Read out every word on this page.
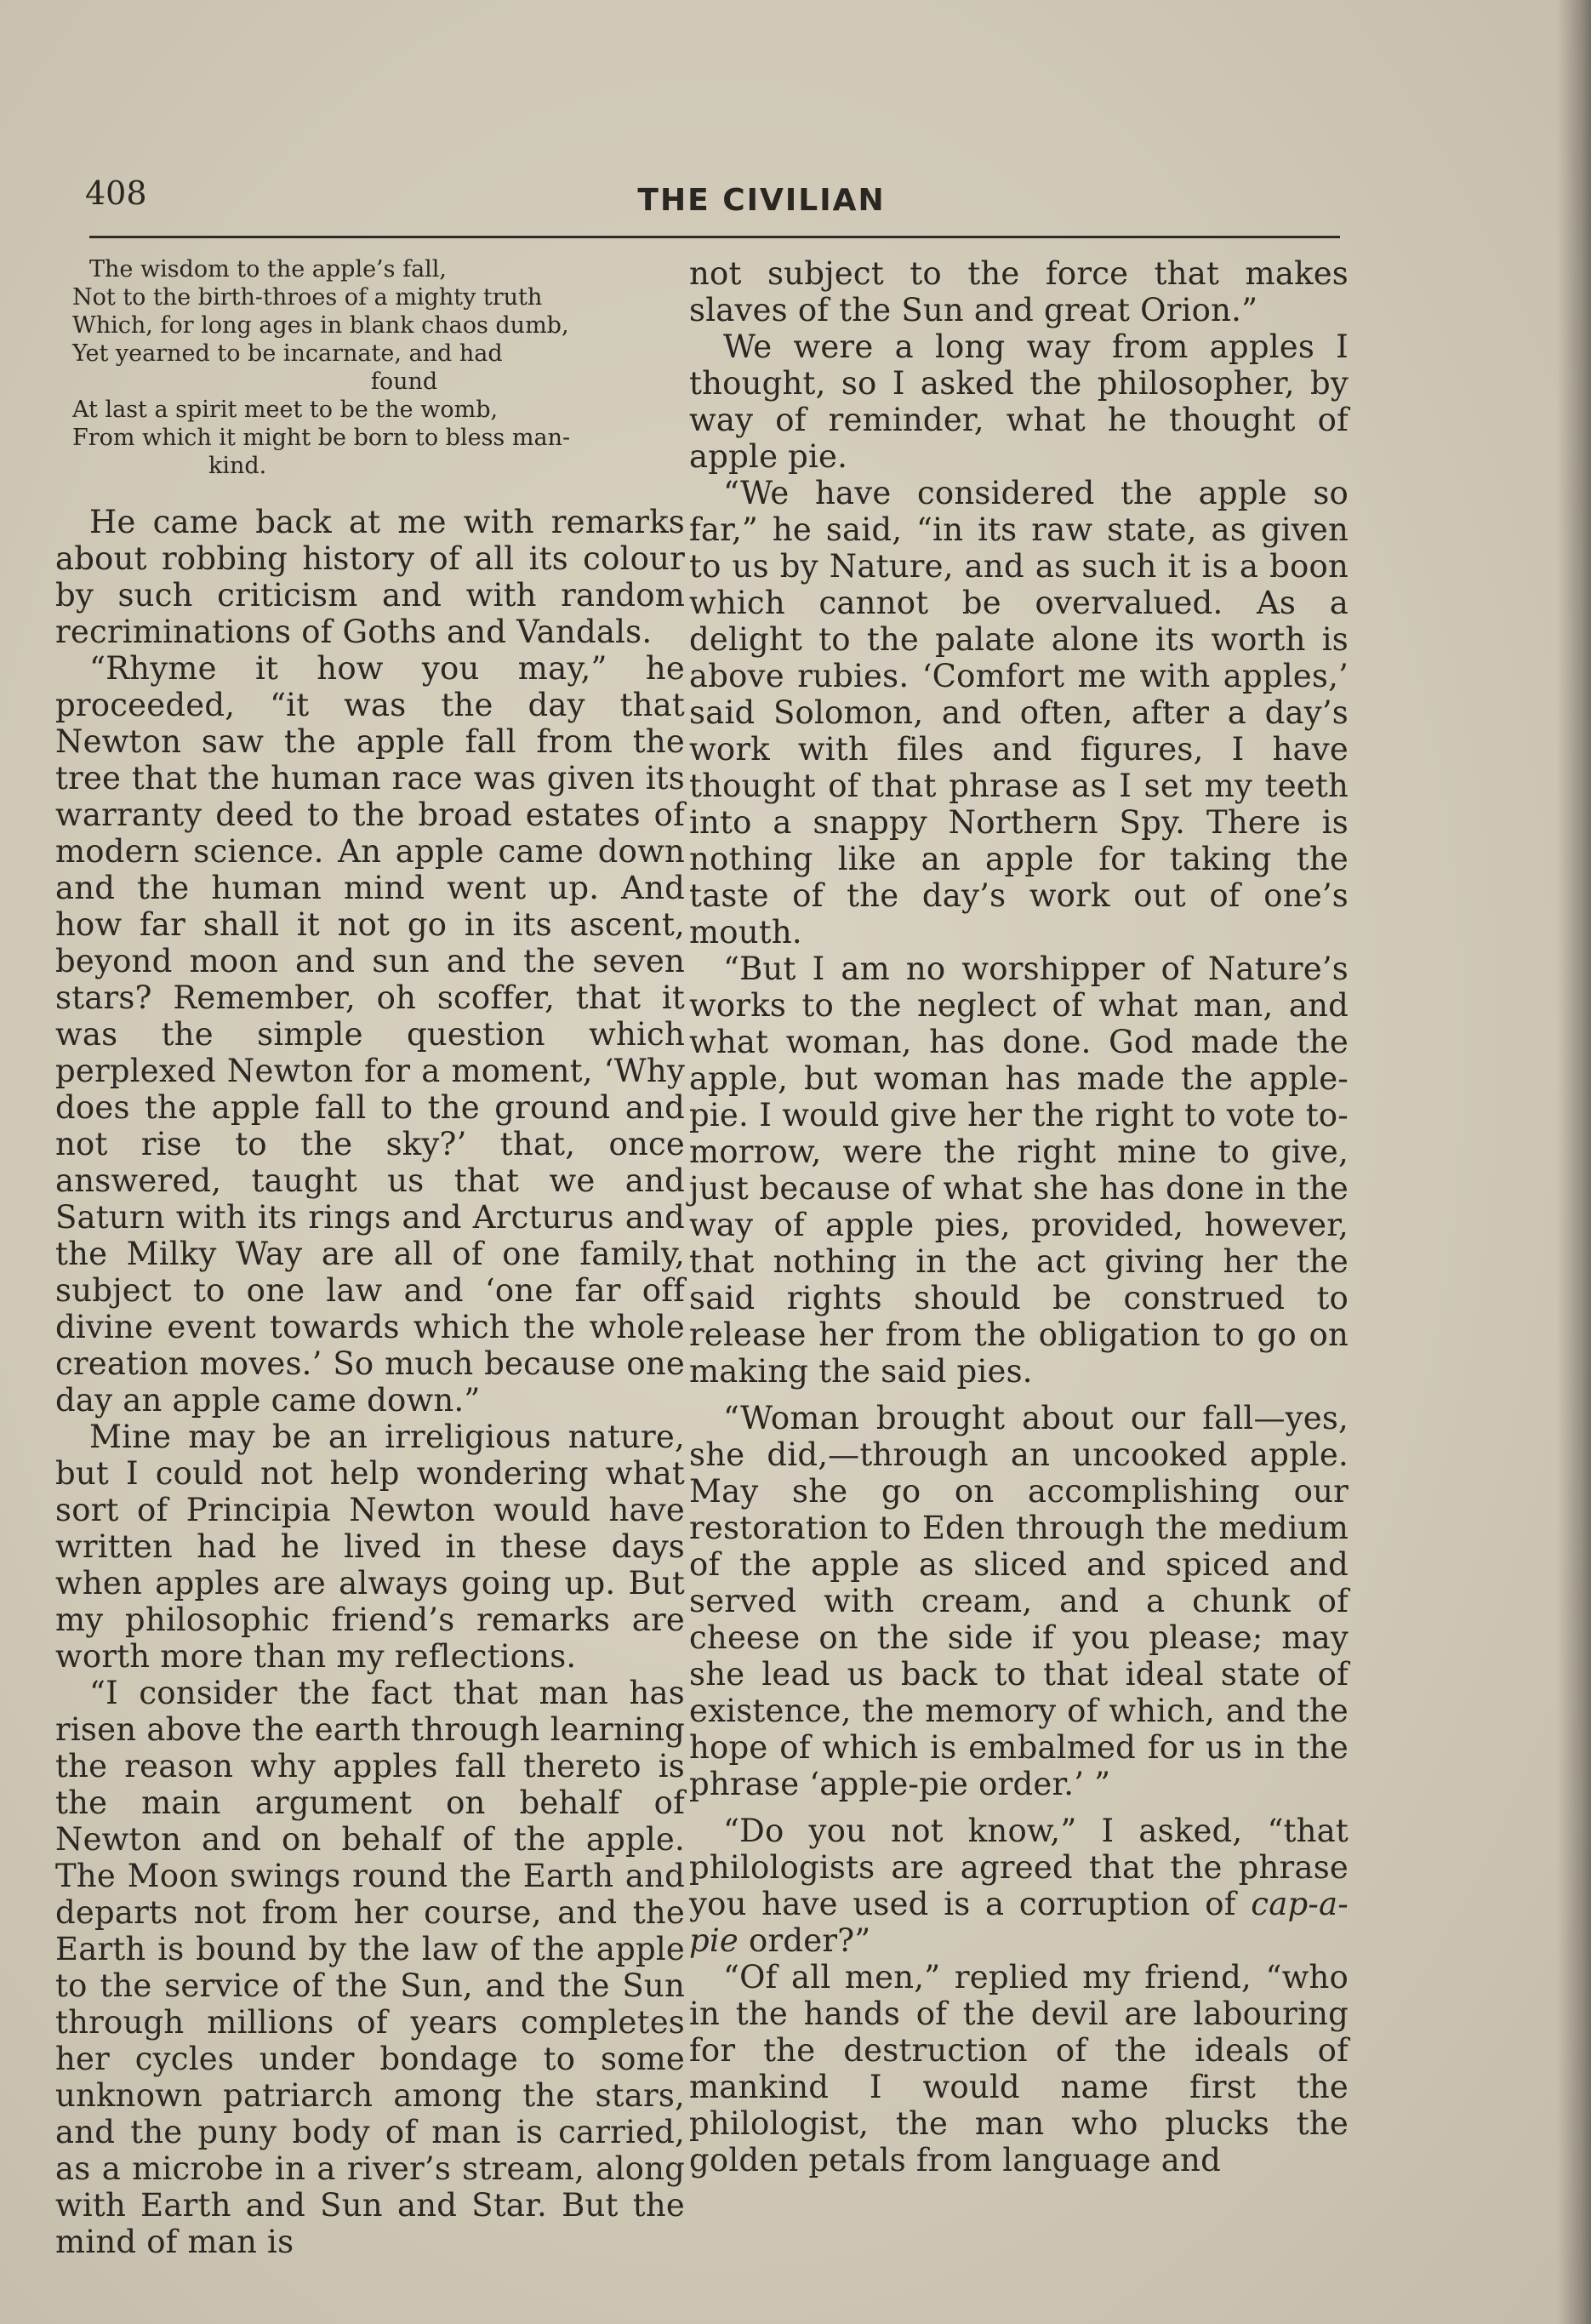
408	THE CIVILIAN
The wisdom to the apple’s fall,
Not to the birth-throes of a mighty truth
Which, for long ages in blank chaos dumb,
Yet yearned to be incarnate, and had
found
At last a spirit meet to be the womb,
From which it might be born to bless man-
kind.

He came back at me with remarks about robbing history of all its colour by such criticism and with random recriminations of Goths and Vandals.

“Rhyme it how you may,” he proceeded, “it was the day that Newton saw the apple fall from the tree that the human race was given its warranty deed to the broad estates of modern science. An apple came down and the human mind went up. And how far shall it not go in its ascent, beyond moon and sun and the seven stars? Remember, oh scoffer, that it was the simple question which perplexed Newton for a moment, ‘Why does the apple fall to the ground and not rise to the sky?’ that, once answered, taught us that we and Saturn with its rings and Arcturus and the Milky Way are all of one family, subject to one law and ‘one far off divine event towards which the whole creation moves.’ So much because one day an apple came down.”

Mine may be an irreligious nature, but I could not help wondering what sort of Principia Newton would have written had he lived in these days when apples are always going up. But my philosophic friend’s remarks are worth more than my reflections.

“I consider the fact that man has risen above the earth through learning the reason why apples fall thereto is the main argument on behalf of Newton and on behalf of the apple. The Moon swings round the Earth and departs not from her course, and the Earth is bound by the law of the apple to the service of the Sun, and the Sun through millions of years completes her cycles under bondage to some unknown patriarch among the stars, and the puny body of man is carried, as a microbe in a river’s stream, along with Earth and Sun and Star. But the mind of man is

not subject to the force that makes slaves of the Sun and great Orion.”

We were a long way from apples I thought, so I asked the philosopher, by way of reminder, what he thought of apple pie.

“We have considered the apple so far,” he said, “in its raw state, as given to us by Nature, and as such it is a boon which cannot be overvalued. As a delight to the palate alone its worth is above rubies. ‘Comfort me with apples,’ said Solomon, and often, after a day’s work with files and figures, I have thought of that phrase as I set my teeth into a snappy Northern Spy. There is nothing like an apple for taking the taste of the day’s work out of one’s mouth.

“But I am no worshipper of Nature’s works to the neglect of what man, and what woman, has done. God made the apple, but woman has made the apple-pie. I would give her the right to vote to-morrow, were the right mine to give, just because of what she has done in the way of apple pies, provided, however, that nothing in the act giving her the said rights should be construed to release her from the obligation to go on making the said pies.

“Woman brought about our fall—yes, she did,—through an uncooked apple. May she go on accomplishing our restoration to Eden through the medium of the apple as sliced and spiced and served with cream, and a chunk of cheese on the side if you please; may she lead us back to that ideal state of existence, the memory of which, and the hope of which is embalmed for us in the phrase ‘apple-pie order.’ ”

“Do you not know,” I asked, “that philologists are agreed that the phrase you have used is a corruption of cap-a-pie order?”

“Of all men,” replied my friend, “who in the hands of the devil are labouring for the destruction of the ideals of mankind I would name first the philologist, the man who plucks the golden petals from language and
